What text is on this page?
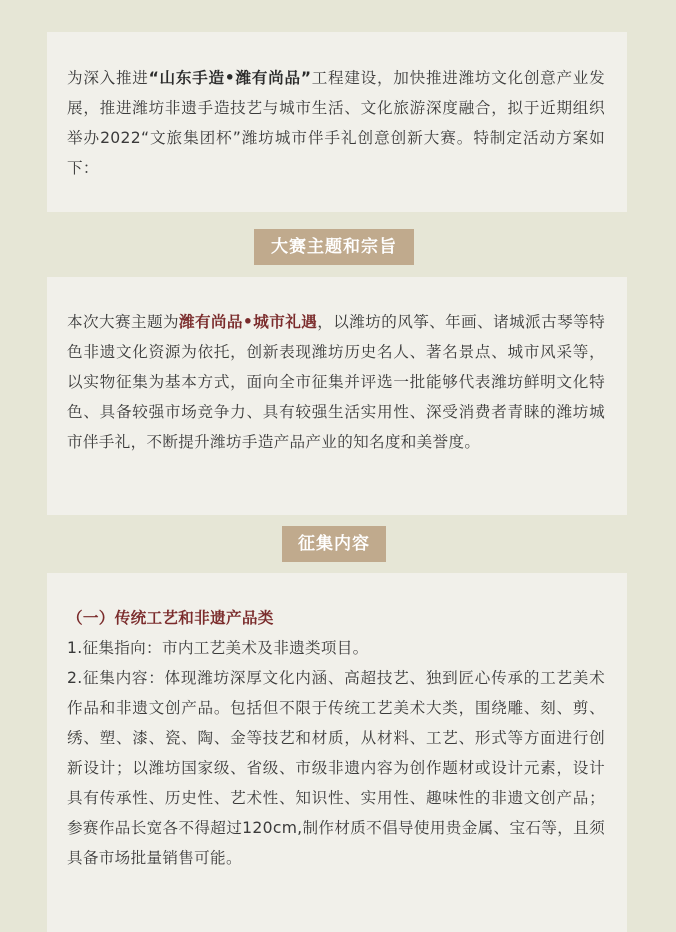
为深入推进“山东手造•潍有尚品”工程建设，加快推进潍坊文化创意产业发展，推进潍坊非遗手造技艺与城市生活、文化旅游深度融合，拟于近期组织举办2022“文旅集团杯”潍坊城市伴手礼创意创新大赛。特制定活动方案如下：

大赛主题和宗旨

本次大赛主题为潍有尚品•城市礼遇，以潍坊的风筝、年画、诸城派古琴等特色非遗文化资源为依托，创新表现潍坊历史名人、著名景点、城市风采等，以实物征集为基本方式，面向全市征集并评选一批能够代表潍坊鲜明文化特色、具备较强市场竞争力、具有较强生活实用性、深受消费者青睐的潍坊城市伴手礼，不断提升潍坊手造产品产业的知名度和美誉度。

征集内容

（一）传统工艺和非遗产品类

1.征集指向：市内工艺美术及非遗类项目。

2.征集内容：体现潍坊深厚文化内涵、高超技艺、独到匠心传承的工艺美术作品和非遗文创产品。包括但不限于传统工艺美术大类，围绕雕、刻、剪、绣、塑、漆、瓷、陶、金等技艺和材质，从材料、工艺、形式等方面进行创新设计；以潍坊国家级、省级、市级非遗内容为创作题材或设计元素，设计具有传承性、历史性、艺术性、知识性、实用性、趣味性的非遗文创产品；参赛作品长宽各不得超过120cm,制作材质不倡导使用贵金属、宝石等，且须具备市场批量销售可能。
